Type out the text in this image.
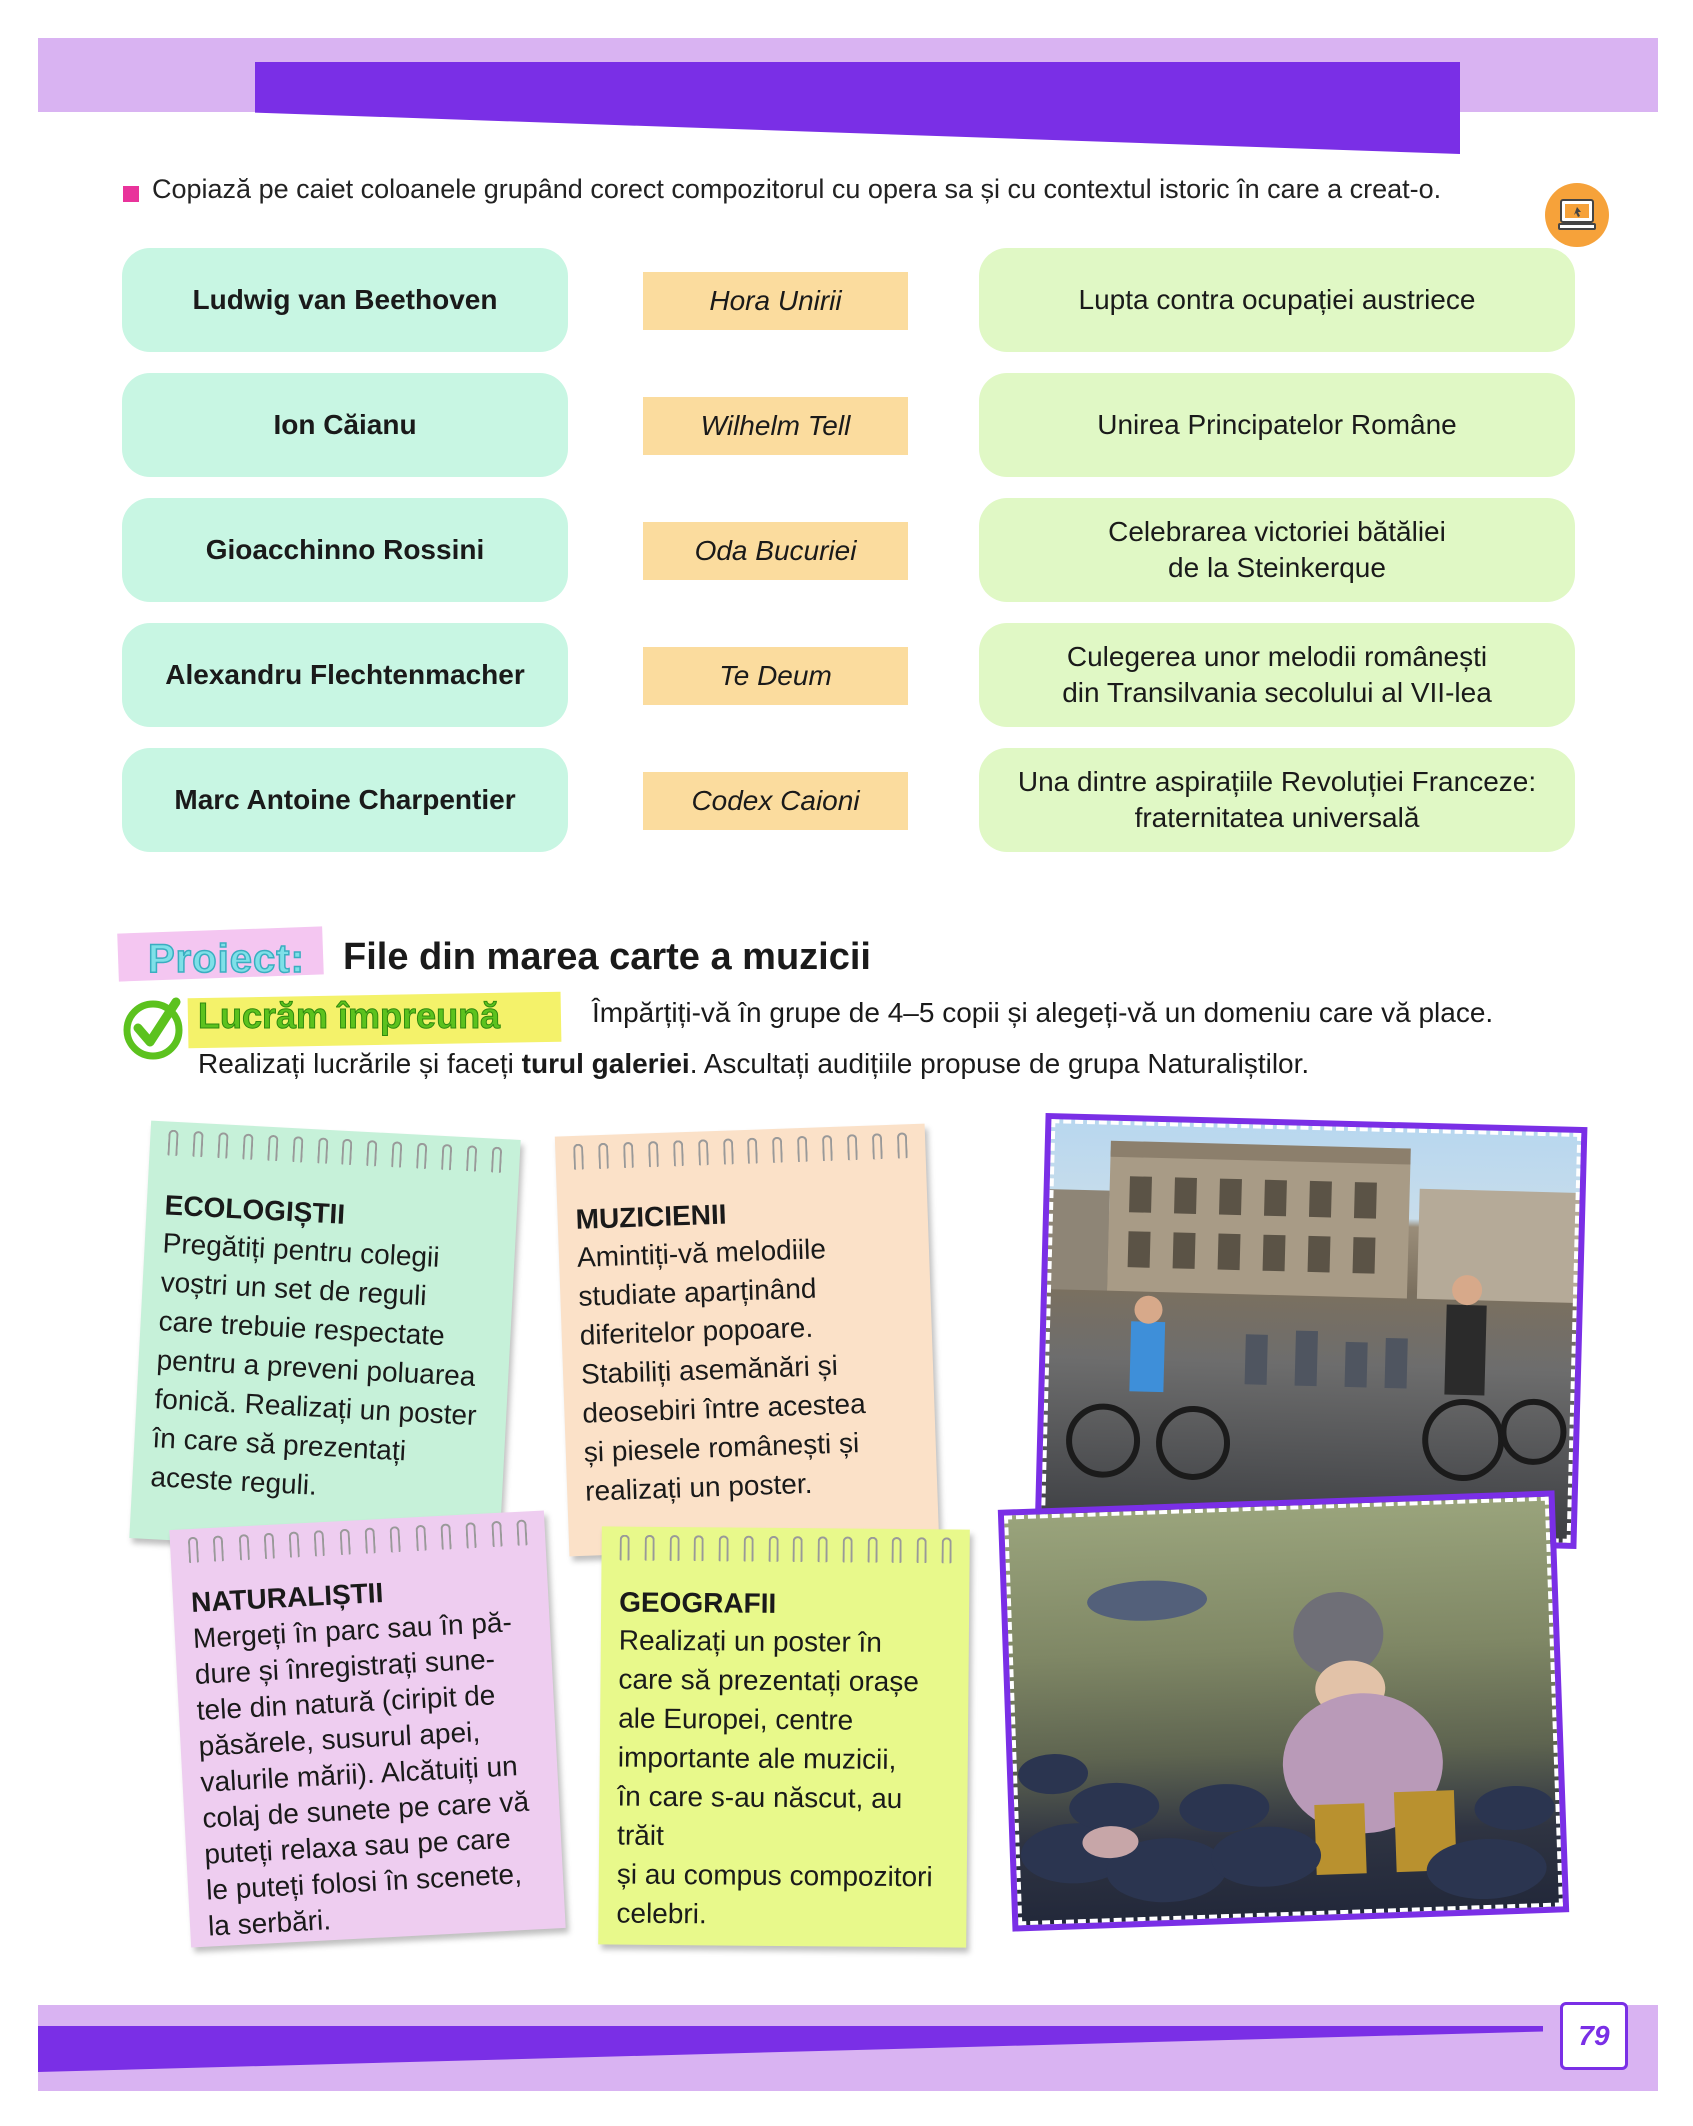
Copiază pe caiet coloanele grupând corect compozitorul cu opera sa și cu contextul istoric în care a creat-o.
Ludwig van Beethoven
Ion Căianu
Gioacchinno Rossini
Alexandru Flechtenmacher
Marc Antoine Charpentier
Hora Unirii
Wilhelm Tell
Oda Bucuriei
Te Deum
Codex Caioni
Lupta contra ocupației austriece
Unirea Principatelor Române
Celebrarea victoriei bătăliei
de la Steinkerque
Culegerea unor melodii românești
din Transilvania secolului al VII-lea
Una dintre aspirațiile Revoluției Franceze:
fraternitatea universală
Proiect: File din marea carte a muzicii
Lucrăm împreună	Împărțiți-vă în grupe de 4–5 copii și alegeți-vă un domeniu care vă place.
Realizați lucrările și faceți turul galeriei. Ascultați audițiile propuse de grupa Naturaliștilor.
ECOLOGIȘTII
Pregătiți pentru colegii
voștri un set de reguli
care trebuie respectate
pentru a preveni poluarea
fonică. Realizați un poster
în care să prezentați
aceste reguli.
MUZICIENII
Amintiți-vă melodiile
studiate aparținând
diferitelor popoare.
Stabiliți asemănări și
deosebiri între acestea
și piesele românești și
realizați un poster.
NATURALIȘTII
Mergeți în parc sau în pă-
dure și înregistrați sune-
tele din natură (ciripit de
păsărele, susurul apei,
valurile mării). Alcătuiți un
colaj de sunete pe care vă
puteți relaxa sau pe care
le puteți folosi în scenete,
la serbări.
GEOGRAFII
Realizați un poster în
care să prezentați orașe
ale Europei, centre
importante ale muzicii,
în care s-au născut, au trăit
și au compus compozitori
celebri.
79
